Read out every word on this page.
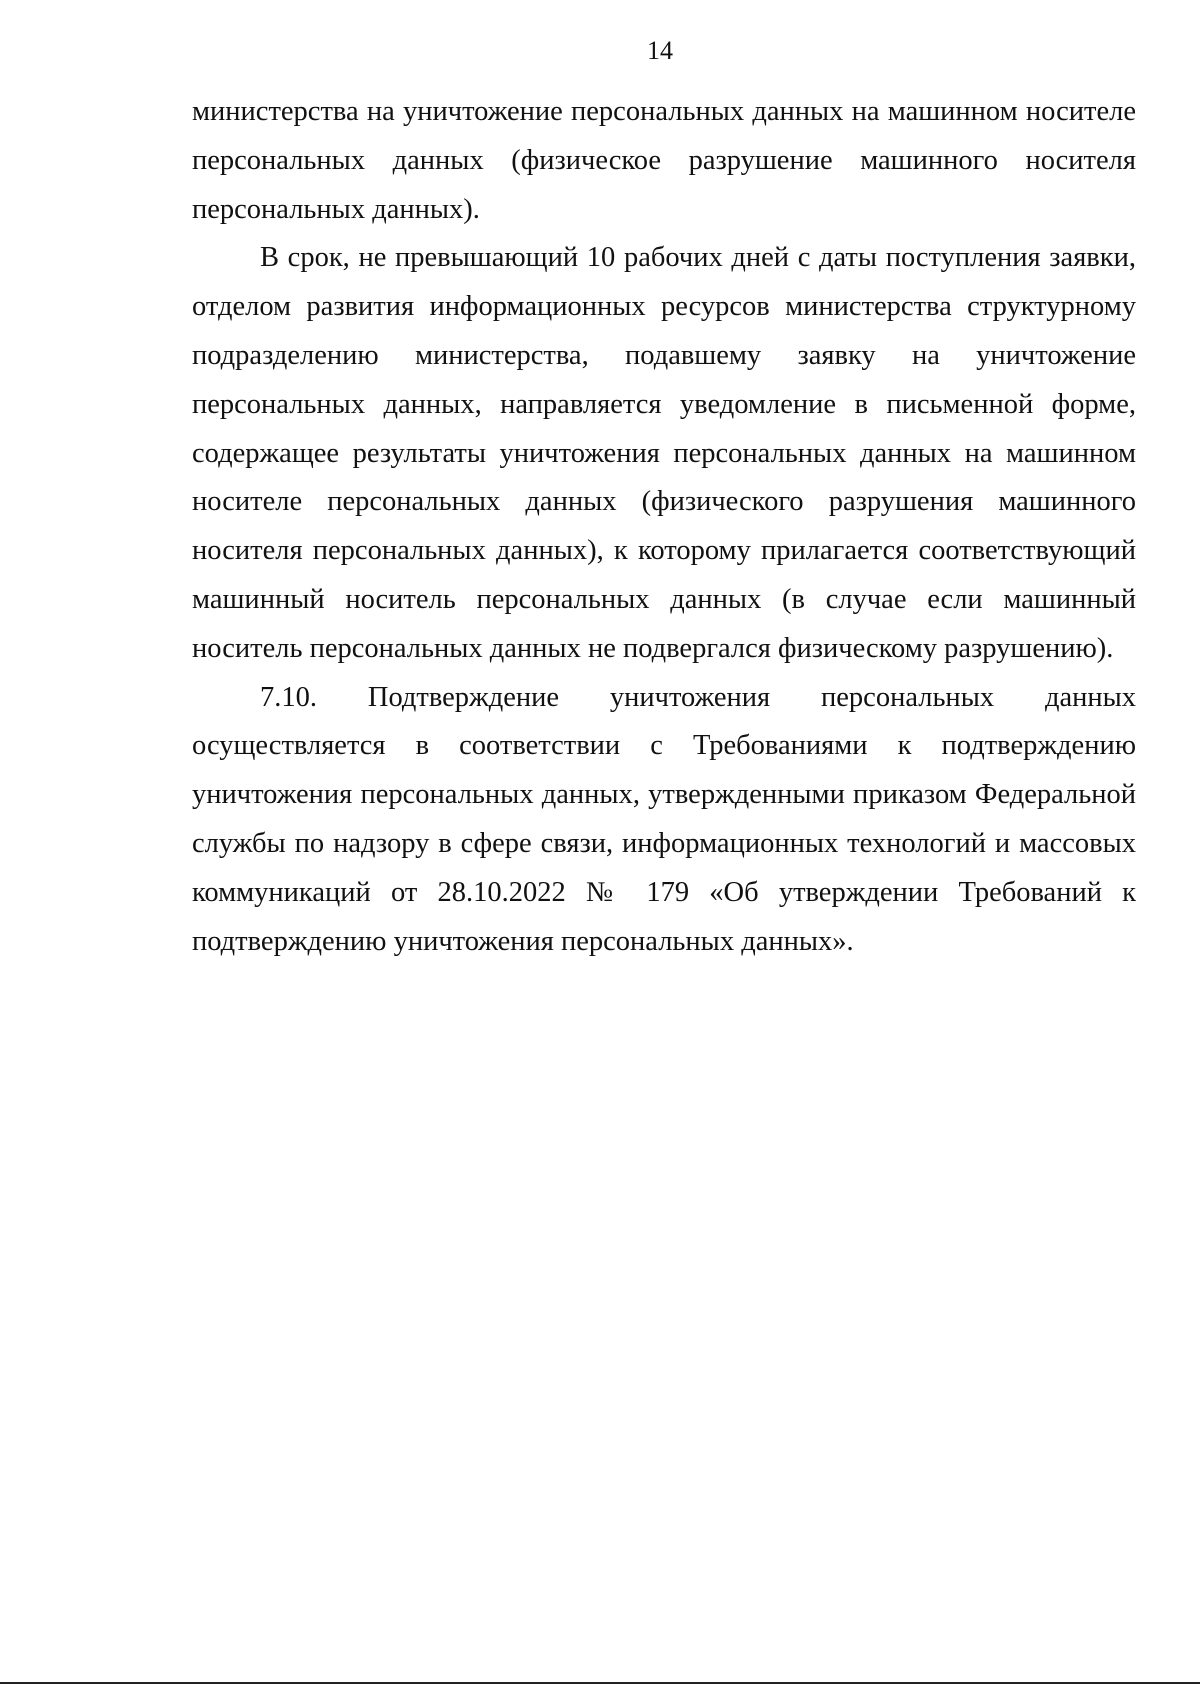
14

министерства на уничтожение персональных данных на машинном носителе персональных данных (физическое разрушение машинного носителя персональных данных).

В срок, не превышающий 10 рабочих дней с даты поступления заявки, отделом развития информационных ресурсов министерства структурному подразделению министерства, подавшему заявку на уничтожение персональных данных, направляется уведомление в письменной форме, содержащее результаты уничтожения персональных данных на машинном носителе персональных данных (физического разрушения машинного носителя персональных данных), к которому прилагается соответствующий машинный носитель персональных данных (в случае если машинный носитель персональных данных не подвергался физическому разрушению).

7.10. Подтверждение уничтожения персональных данных осуществляется в соответствии с Требованиями к подтверждению уничтожения персональных данных, утвержденными приказом Федеральной службы по надзору в сфере связи, информационных технологий и массовых коммуникаций от 28.10.2022 № 179 «Об утверждении Требований к подтверждению уничтожения персональных данных».
